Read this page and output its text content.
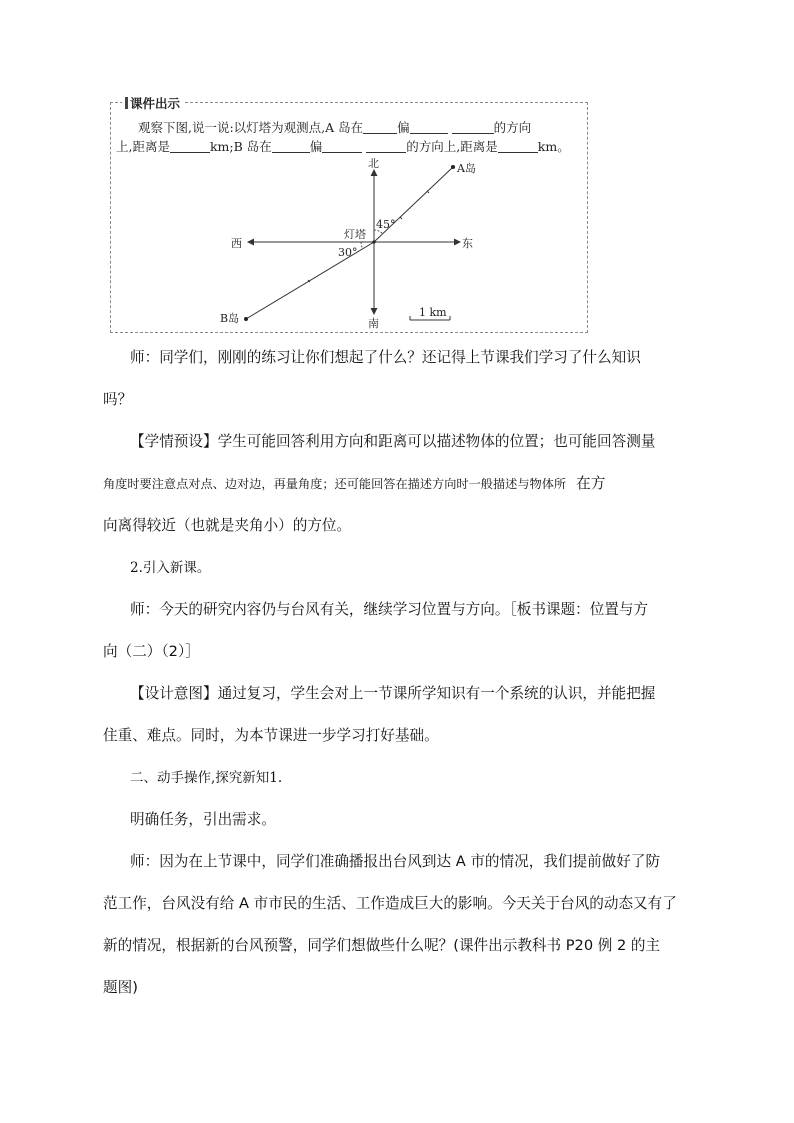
课件出示
观察下图,说一说:以灯塔为观测点,A 岛在	偏	的方向
上,距离是	km;B 岛在	偏	的方向上,距离是	km。
北
南
东
西
灯塔
A岛
B岛
45°
30°
1 km
师：同学们，刚刚的练习让你们想起了什么？还记得上节课我们学习了什么知识
吗？
【学情预设】学生可能回答利用方向和距离可以描述物体的位置；也可能回答测量
角度时要注意点对点、边对边，再量角度；还可能回答在描述方向时一般描述与物体所 在方
向离得较近（也就是夹角小）的方位。
2.引入新课。
师：今天的研究内容仍与台风有关，继续学习位置与方向。［板书课题：位置与方
向（二）（2）］
【设计意图】通过复习，学生会对上一节课所学知识有一个系统的认识，并能把握
住重、难点。同时，为本节课进一步学习打好基础。
二、动手操作,探究新知1.
明确任务，引出需求。
师：因为在上节课中，同学们准确播报出台风到达 A 市的情况，我们提前做好了防
范工作，台风没有给 A 市市民的生活、工作造成巨大的影响。今天关于台风的动态又有了
新的情况，根据新的台风预警，同学们想做些什么呢？(课件出示教科书 P20 例 2 的主
题图)
